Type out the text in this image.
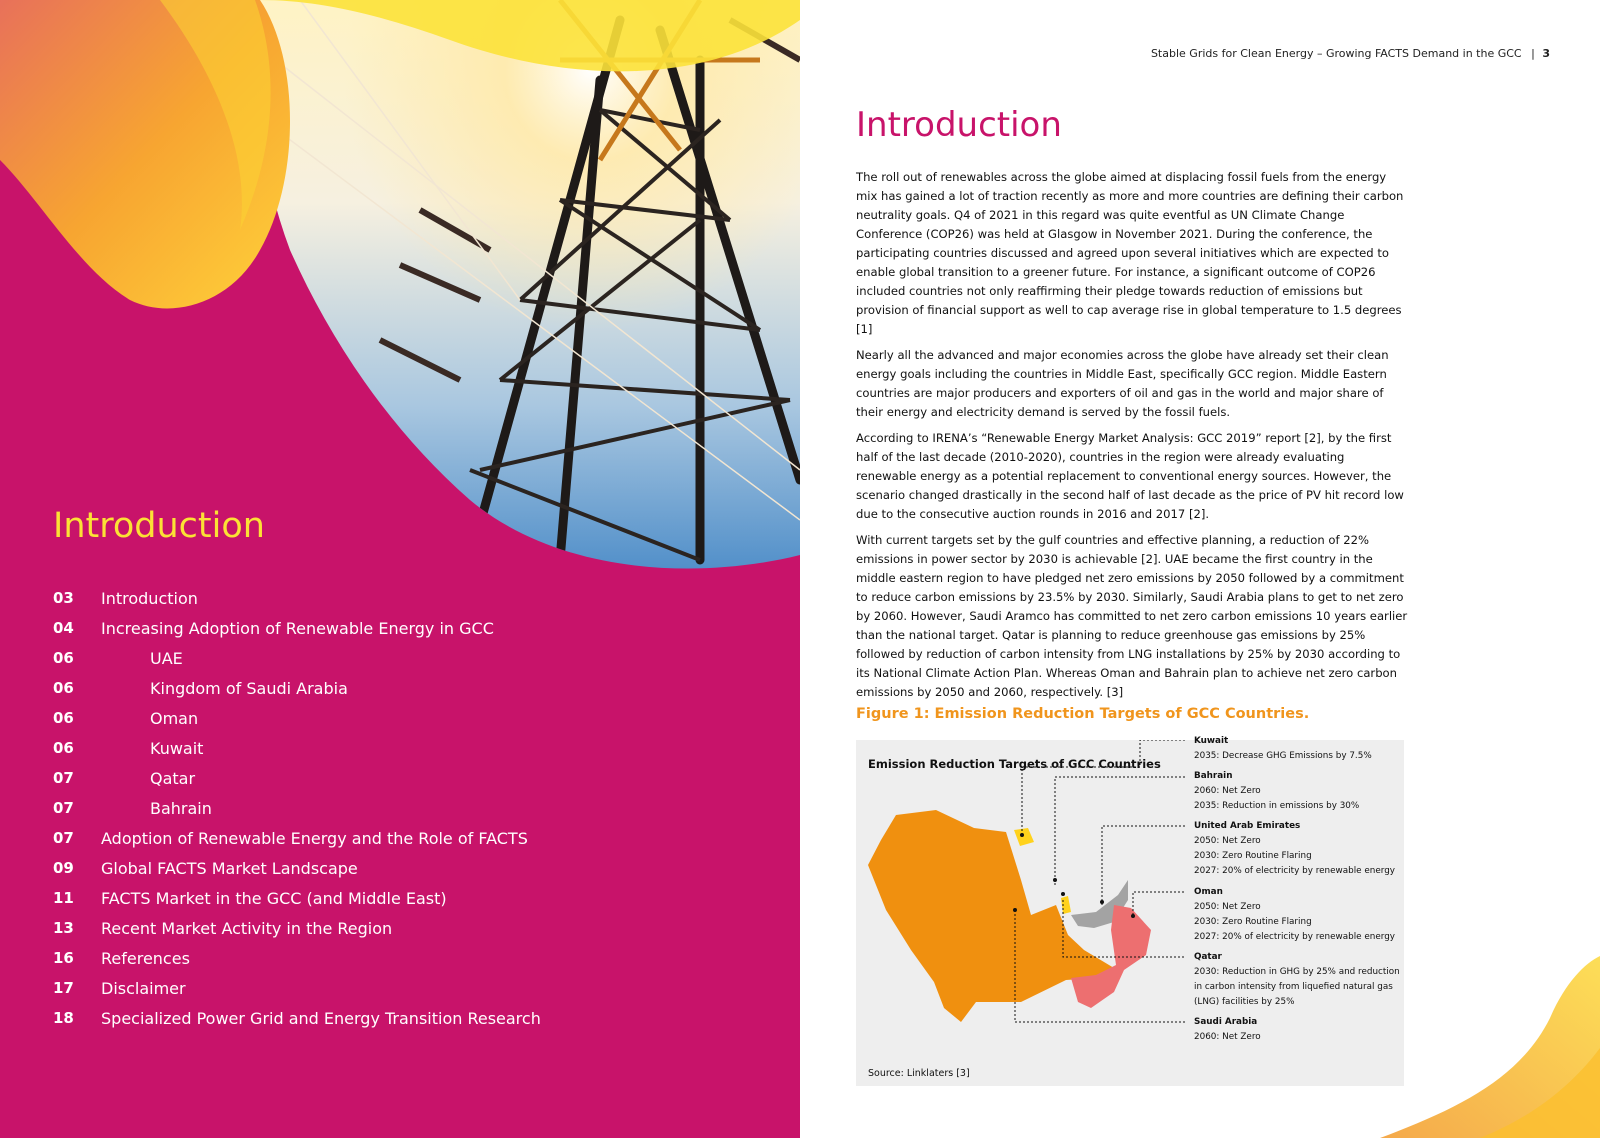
Introduction
03	Introduction
04	Increasing Adoption of Renewable Energy in GCC
06	UAE
06	Kingdom of Saudi Arabia
06	Oman
06	Kuwait
07	Qatar
07	Bahrain
07	Adoption of Renewable Energy and the Role of FACTS
09	Global FACTS Market Landscape
11	FACTS Market in the GCC (and Middle East)
13	Recent Market Activity in the Region
16	References
17	Disclaimer
18	Specialized Power Grid and Energy Transition Research
Stable Grids for Clean Energy – Growing FACTS Demand in the GCC | 3
Introduction

The roll out of renewables across the globe aimed at displacing fossil fuels from the energy mix has gained a lot of traction recently as more and more countries are defining their carbon neutrality goals. Q4 of 2021 in this regard was quite eventful as UN Climate Change Conference (COP26) was held at Glasgow in November 2021. During the conference, the participating countries discussed and agreed upon several initiatives which are expected to enable global transition to a greener future. For instance, a significant outcome of COP26 included countries not only reaffirming their pledge towards reduction of emissions but provision of financial support as well to cap average rise in global temperature to 1.5 degrees [1]

Nearly all the advanced and major economies across the globe have already set their clean energy goals including the countries in Middle East, specifically GCC region. Middle Eastern countries are major producers and exporters of oil and gas in the world and major share of their energy and electricity demand is served by the fossil fuels.

According to IRENA’s “Renewable Energy Market Analysis: GCC 2019” report [2], by the first half of the last decade (2010-2020), countries in the region were already evaluating renewable energy as a potential replacement to conventional energy sources. However, the scenario changed drastically in the second half of last decade as the price of PV hit record low due to the consecutive auction rounds in 2016 and 2017 [2].

With current targets set by the gulf countries and effective planning, a reduction of 22% emissions in power sector by 2030 is achievable [2]. UAE became the first country in the middle eastern region to have pledged net zero emissions by 2050 followed by a commitment to reduce carbon emissions by 23.5% by 2030. Similarly, Saudi Arabia plans to get to net zero by 2060. However, Saudi Aramco has committed to net zero carbon emissions 10 years earlier than the national target. Qatar is planning to reduce greenhouse gas emissions by 25% followed by reduction of carbon intensity from LNG installations by 25% by 2030 according to its National Climate Action Plan. Whereas Oman and Bahrain plan to achieve net zero carbon emissions by 2050 and 2060, respectively. [3]

Figure 1: Emission Reduction Targets of GCC Countries.
Emission Reduction Targets of GCC Countries
Kuwait
2035: Decrease GHG Emissions by 7.5%
Bahrain
2060: Net Zero
2035: Reduction in emissions by 30%
United Arab Emirates
2050: Net Zero
2030: Zero Routine Flaring
2027: 20% of electricity by renewable energy
Oman
2050: Net Zero
2030: Zero Routine Flaring
2027: 20% of electricity by renewable energy
Qatar
2030: Reduction in GHG by 25% and reduction
in carbon intensity from liquefied natural gas
(LNG) facilities by 25%
Saudi Arabia
2060: Net Zero
Source: Linklaters [3]
